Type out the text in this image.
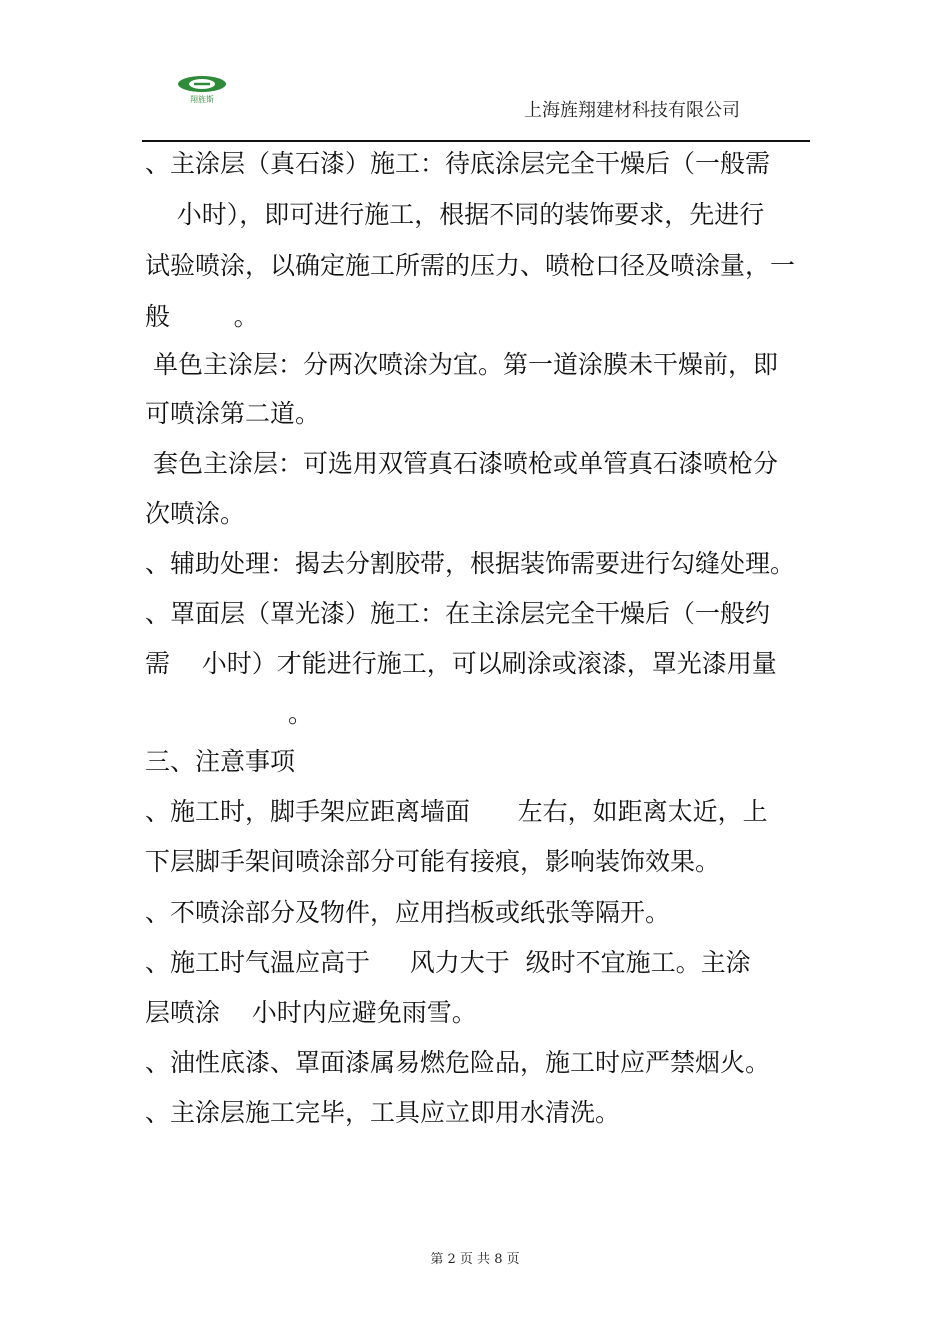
翔旌斯
上海旌翔建材科技有限公司

、主涂层（真石漆）施工：待底涂层完全干燥后（一般需

小时），即可进行施工，根据不同的装饰要求，先进行

试验喷涂，以确定施工所需的压力、喷枪口径及喷涂量，一

般        。

单色主涂层：分两次喷涂为宜。第一道涂膜未干燥前，即

可喷涂第二道。

套色主涂层：可选用双管真石漆喷枪或单管真石漆喷枪分

次喷涂。

、辅助处理：揭去分割胶带，根据装饰需要进行勾缝处理。

、罩面层（罩光漆）施工：在主涂层完全干燥后（一般约

需    小时）才能进行施工，可以刷涂或滚漆，罩光漆用量

。

三、注意事项

、施工时，脚手架应距离墙面      左右，如距离太近，上

下层脚手架间喷涂部分可能有接痕，影响装饰效果。

、不喷涂部分及物件，应用挡板或纸张等隔开。

、施工时气温应高于     风力大于  级时不宜施工。主涂

层喷涂    小时内应避免雨雪。

、油性底漆、罩面漆属易燃危险品，施工时应严禁烟火。

、主涂层施工完毕，工具应立即用水清洗。

第 2 页 共 8 页
